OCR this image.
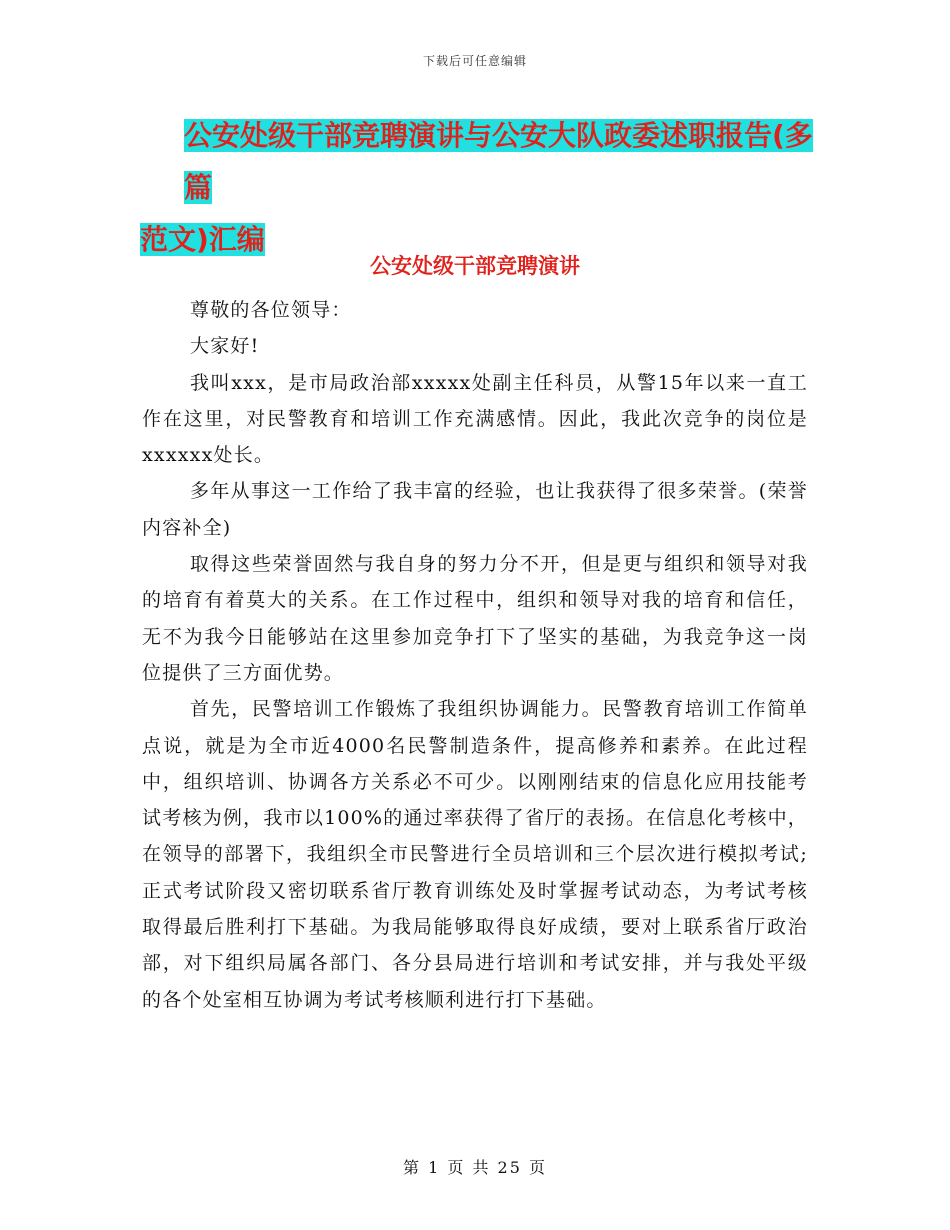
下载后可任意编辑
公安处级干部竞聘演讲与公安大队政委述职报告(多篇
范文)汇编
公安处级干部竞聘演讲

尊敬的各位领导：

大家好!

我叫xxx，是市局政治部xxxxx处副主任科员，从警15年以来一直工作在这里，对民警教育和培训工作充满感情。因此，我此次竞争的岗位是xxxxxx处长。

多年从事这一工作给了我丰富的经验，也让我获得了很多荣誉。(荣誉内容补全)

取得这些荣誉固然与我自身的努力分不开，但是更与组织和领导对我的培育有着莫大的关系。在工作过程中，组织和领导对我的培育和信任，无不为我今日能够站在这里参加竞争打下了坚实的基础，为我竞争这一岗位提供了三方面优势。

首先，民警培训工作锻炼了我组织协调能力。民警教育培训工作简单点说，就是为全市近4000名民警制造条件，提高修养和素养。在此过程中，组织培训、协调各方关系必不可少。以刚刚结束的信息化应用技能考试考核为例，我市以100%的通过率获得了省厅的表扬。在信息化考核中，在领导的部署下，我组织全市民警进行全员培训和三个层次进行模拟考试;正式考试阶段又密切联系省厅教育训练处及时掌握考试动态，为考试考核取得最后胜利打下基础。为我局能够取得良好成绩，要对上联系省厅政治部，对下组织局属各部门、各分县局进行培训和考试安排，并与我处平级的各个处室相互协调为考试考核顺利进行打下基础。

第 1 页 共 25 页
